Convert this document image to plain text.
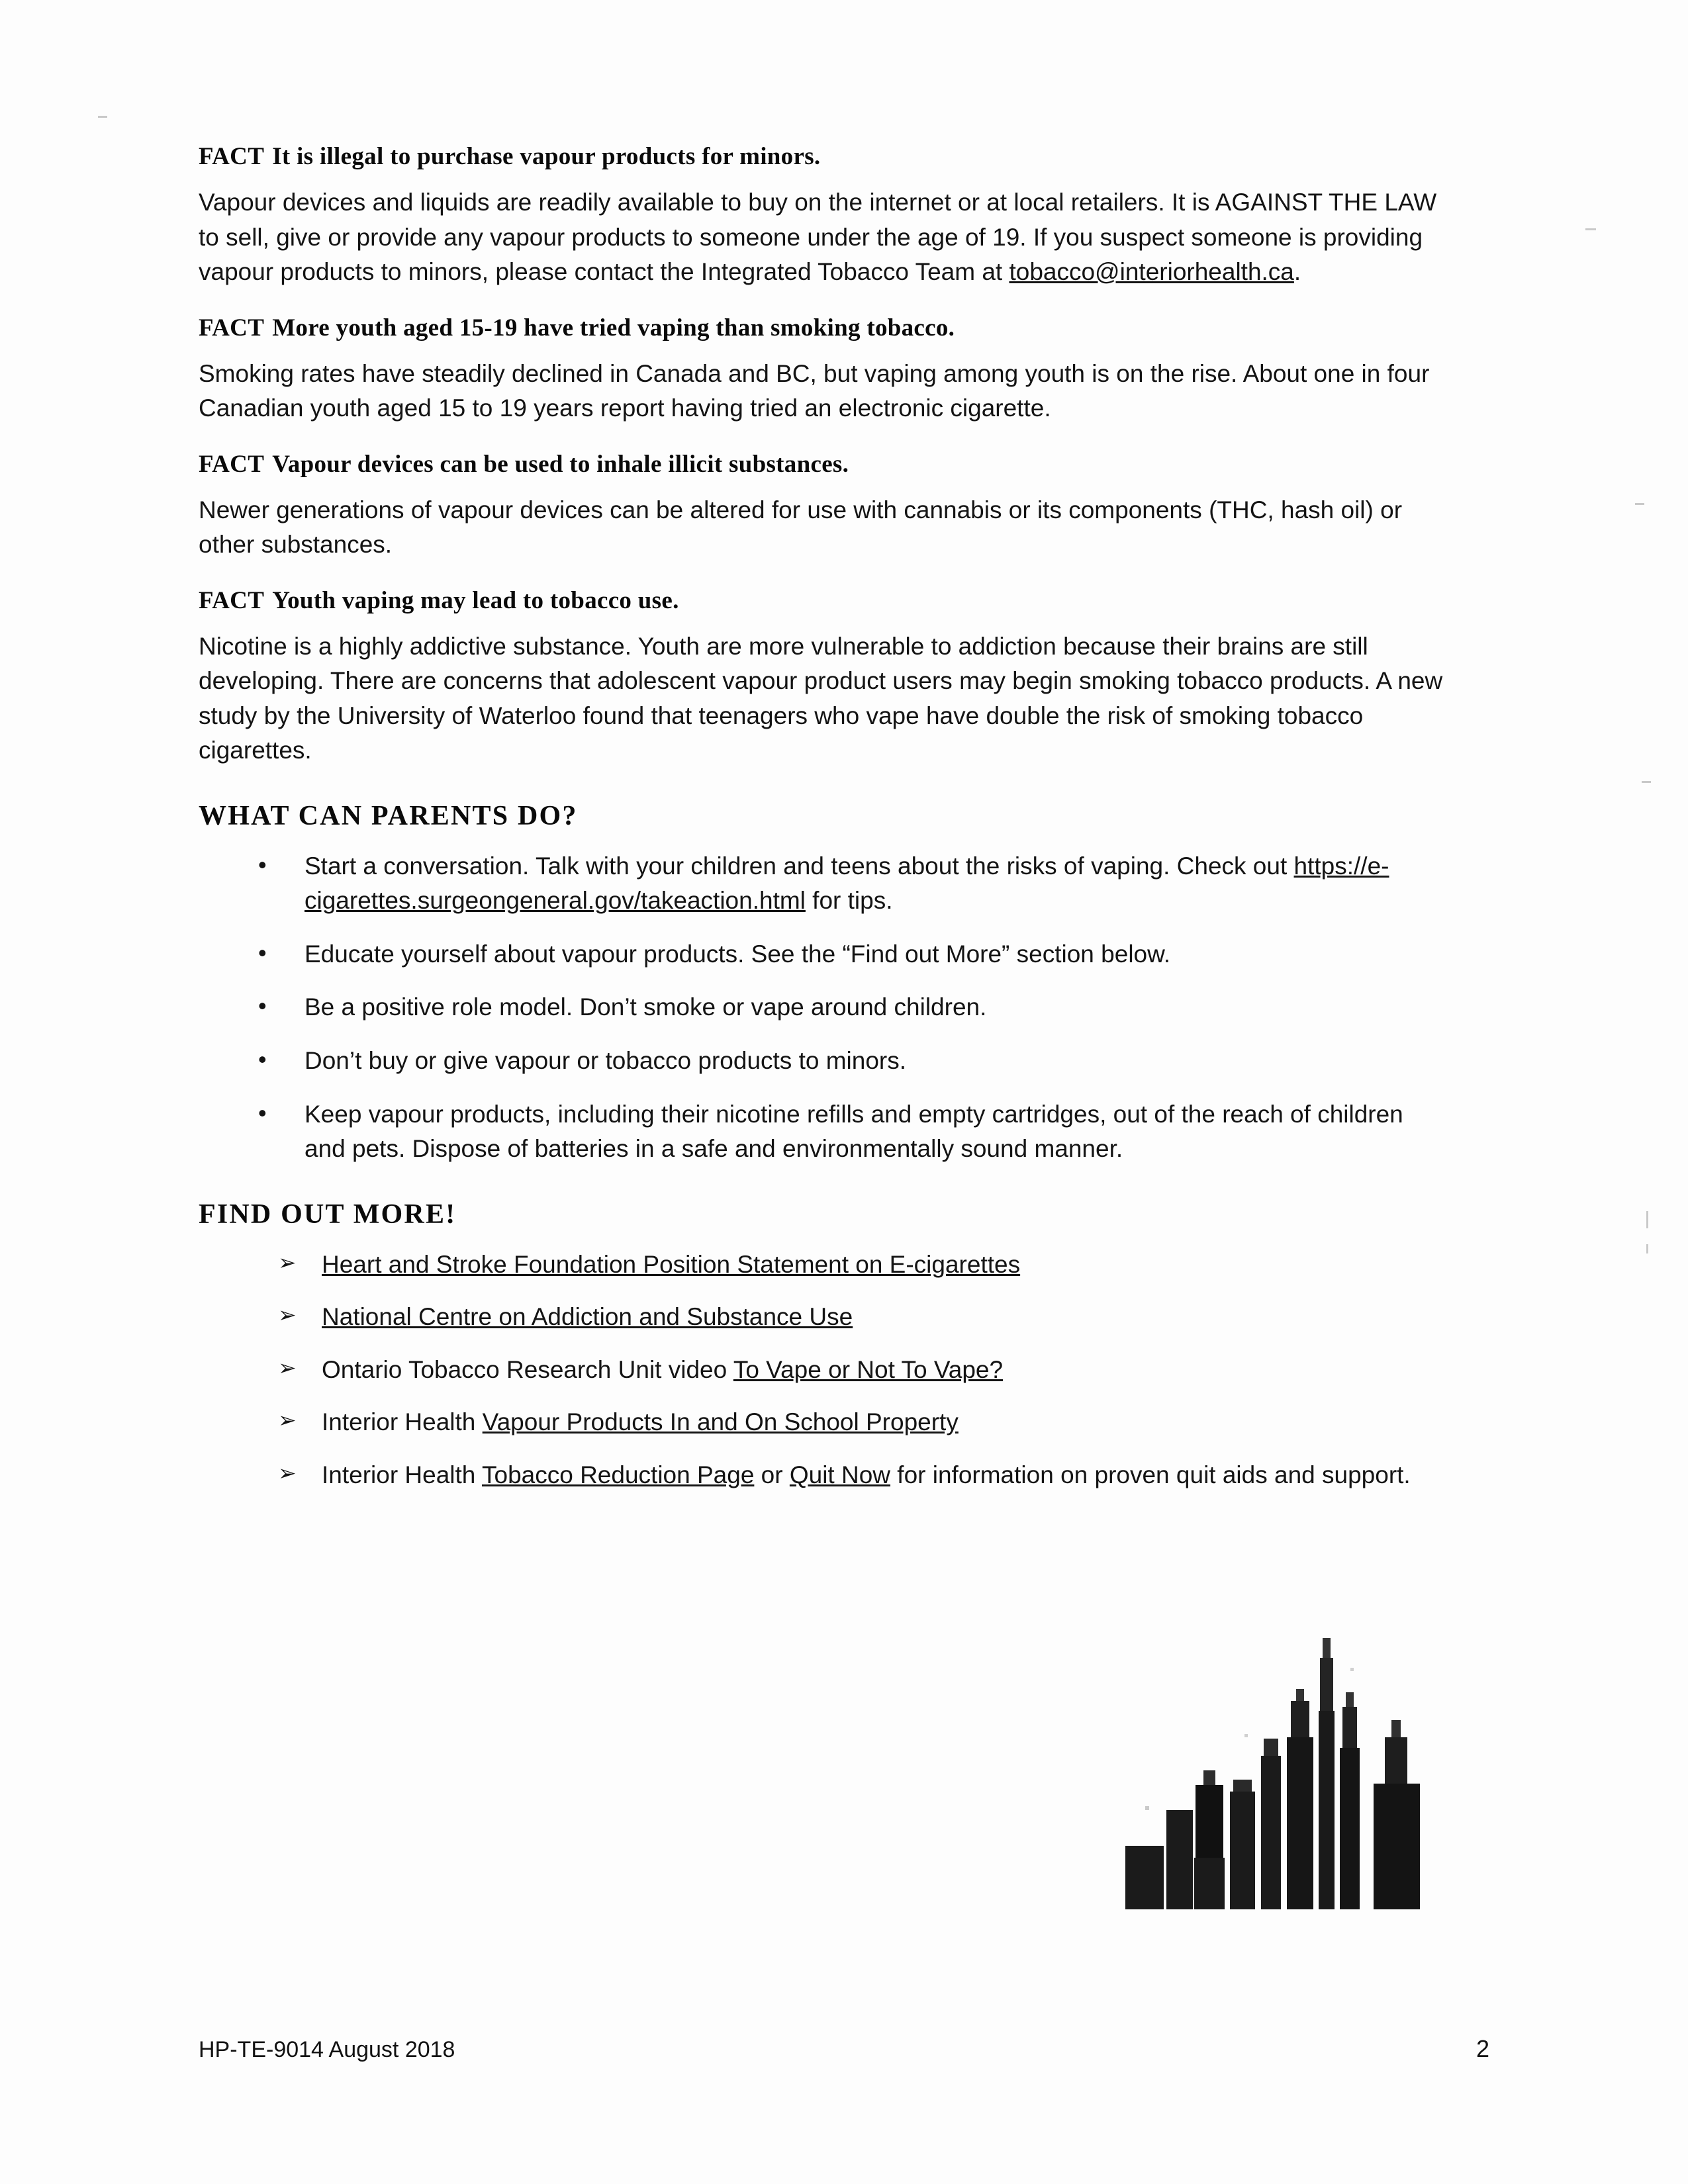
FACT It is illegal to purchase vapour products for minors.

Vapour devices and liquids are readily available to buy on the internet or at local retailers. It is AGAINST THE LAW to sell, give or provide any vapour products to someone under the age of 19. If you suspect someone is providing vapour products to minors, please contact the Integrated Tobacco Team at tobacco@interiorhealth.ca.

FACT More youth aged 15-19 have tried vaping than smoking tobacco.

Smoking rates have steadily declined in Canada and BC, but vaping among youth is on the rise. About one in four Canadian youth aged 15 to 19 years report having tried an electronic cigarette.

FACT Vapour devices can be used to inhale illicit substances.

Newer generations of vapour devices can be altered for use with cannabis or its components (THC, hash oil) or other substances.

FACT Youth vaping may lead to tobacco use.

Nicotine is a highly addictive substance. Youth are more vulnerable to addiction because their brains are still developing. There are concerns that adolescent vapour product users may begin smoking tobacco products. A new study by the University of Waterloo found that teenagers who vape have double the risk of smoking tobacco cigarettes.

WHAT CAN PARENTS DO?
• Start a conversation. Talk with your children and teens about the risks of vaping. Check out https://e-cigarettes.surgeongeneral.gov/takeaction.html for tips.
• Educate yourself about vapour products. See the “Find out More” section below.
• Be a positive role model. Don’t smoke or vape around children.
• Don’t buy or give vapour or tobacco products to minors.
• Keep vapour products, including their nicotine refills and empty cartridges, out of the reach of children and pets. Dispose of batteries in a safe and environmentally sound manner.
FIND OUT MORE!
➢ Heart and Stroke Foundation Position Statement on E-cigarettes
➢ National Centre on Addiction and Substance Use
➢ Ontario Tobacco Research Unit video To Vape or Not To Vape?
➢ Interior Health Vapour Products In and On School Property
➢ Interior Health Tobacco Reduction Page or Quit Now for information on proven quit aids and support.
HP-TE-9014 August 2018	2
